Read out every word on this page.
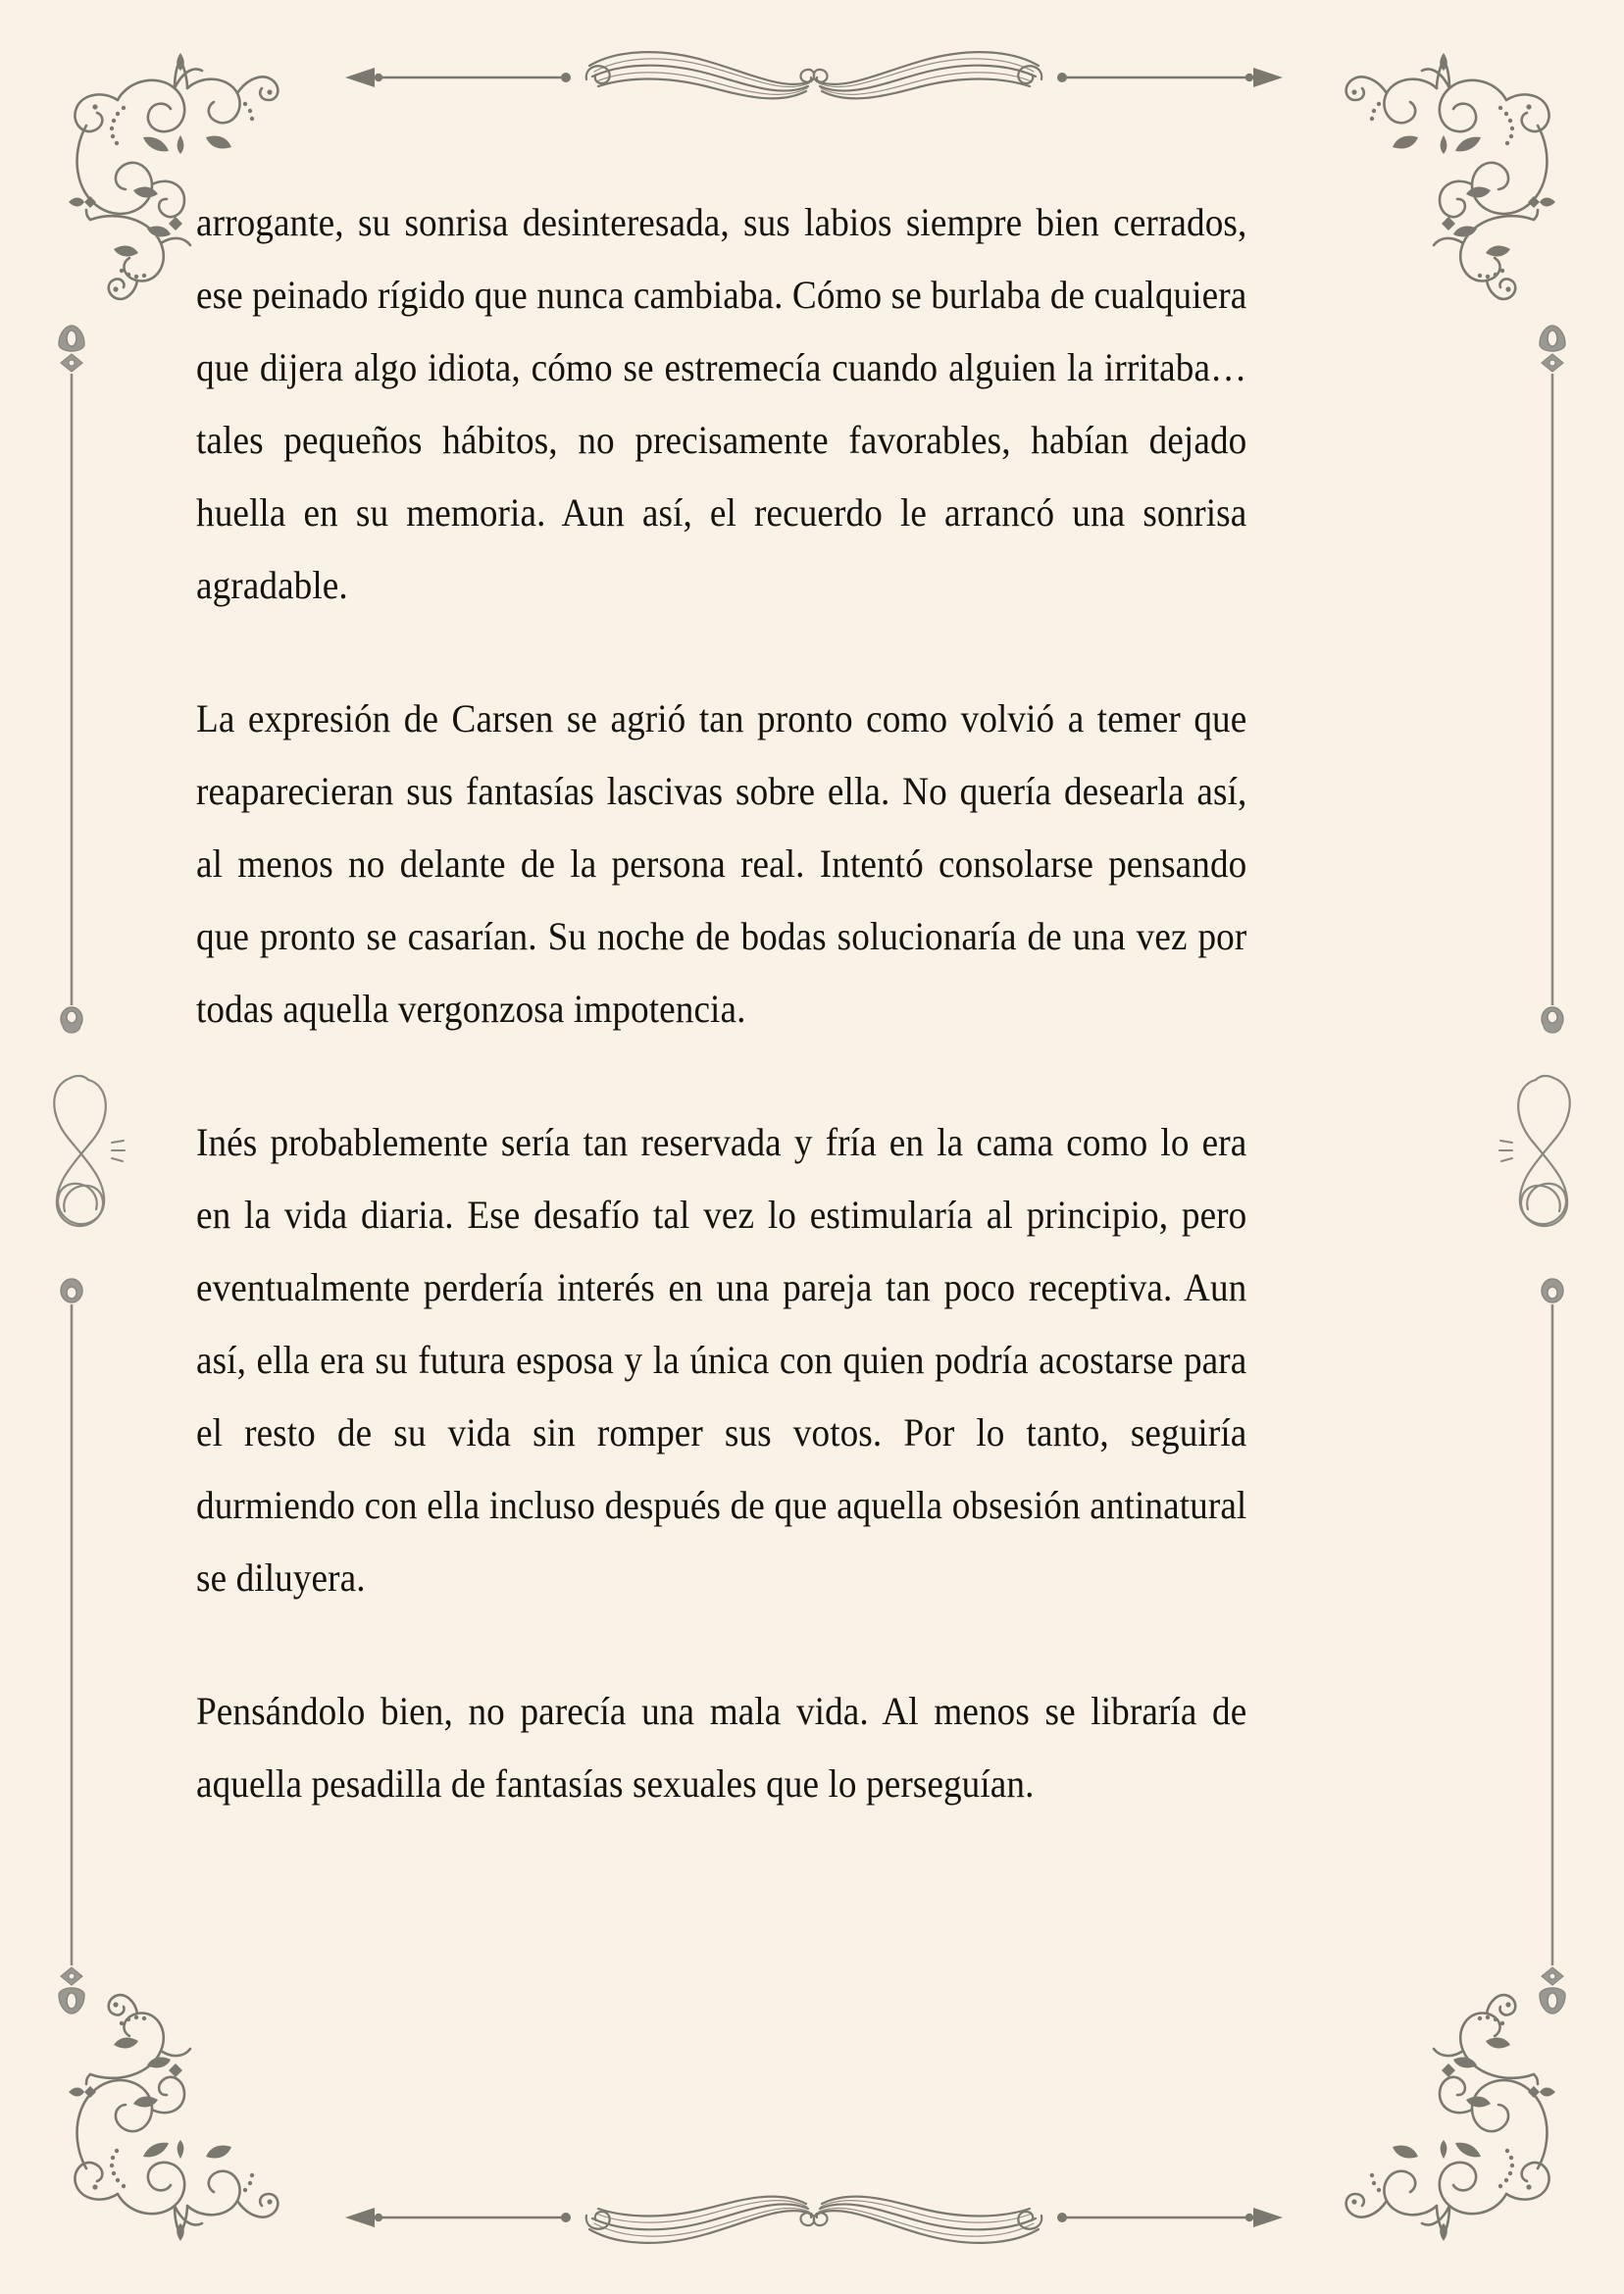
arrogante, su sonrisa desinteresada, sus labios siempre bien cerrados, ese peinado rígido que nunca cambiaba. Cómo se burlaba de cualquiera que dijera algo idiota, cómo se estremecía cuando alguien la irritaba… tales pequeños hábitos, no precisamente favorables, habían dejado huella en su memoria. Aun así, el recuerdo le arrancó una sonrisa agradable.

La expresión de Carsen se agrió tan pronto como volvió a temer que reaparecieran sus fantasías lascivas sobre ella. No quería desearla así, al menos no delante de la persona real. Intentó consolarse pensando que pronto se casarían. Su noche de bodas solucionaría de una vez por todas aquella vergonzosa impotencia.

Inés probablemente sería tan reservada y fría en la cama como lo era en la vida diaria. Ese desafío tal vez lo estimularía al principio, pero eventualmente perdería interés en una pareja tan poco receptiva. Aun así, ella era su futura esposa y la única con quien podría acostarse para el resto de su vida sin romper sus votos. Por lo tanto, seguiría durmiendo con ella incluso después de que aquella obsesión antinatural se diluyera.

Pensándolo bien, no parecía una mala vida. Al menos se libraría de aquella pesadilla de fantasías sexuales que lo perseguían.
